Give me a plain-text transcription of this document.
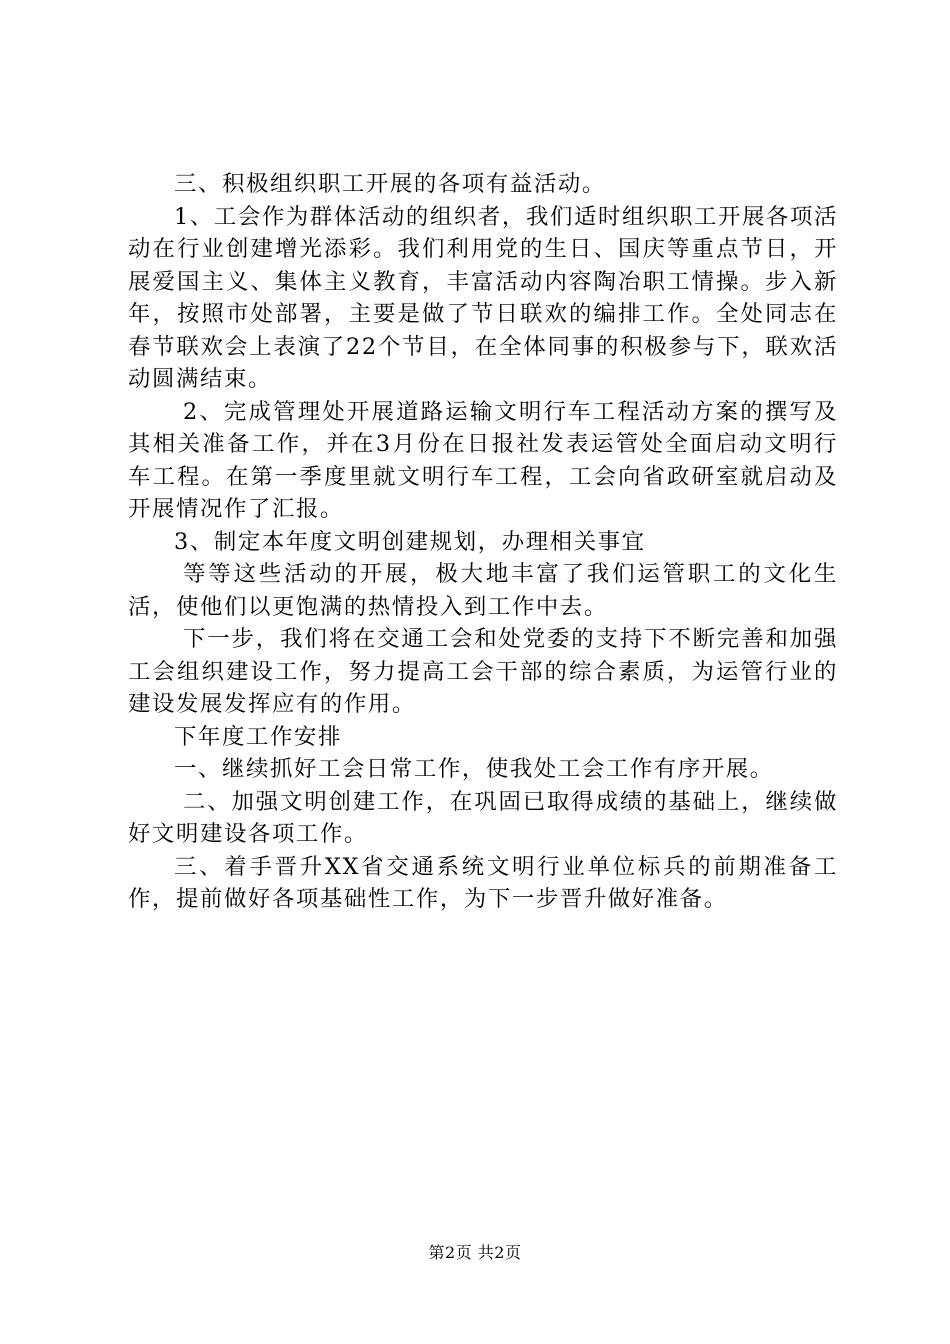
三、积极组织职工开展的各项有益活动。

1、工会作为群体活动的组织者，我们适时组织职工开展各项活动在行业创建增光添彩。我们利用党的生日、国庆等重点节日，开展爱国主义、集体主义教育，丰富活动内容陶冶职工情操。步入新年，按照市处部署，主要是做了节日联欢的编排工作。全处同志在春节联欢会上表演了22个节目，在全体同事的积极参与下，联欢活动圆满结束。

2、完成管理处开展道路运输文明行车工程活动方案的撰写及其相关准备工作，并在3月份在日报社发表运管处全面启动文明行车工程。在第一季度里就文明行车工程，工会向省政研室就启动及开展情况作了汇报。

3、制定本年度文明创建规划，办理相关事宜

等等这些活动的开展，极大地丰富了我们运管职工的文化生活，使他们以更饱满的热情投入到工作中去。

下一步，我们将在交通工会和处党委的支持下不断完善和加强工会组织建设工作，努力提高工会干部的综合素质，为运管行业的建设发展发挥应有的作用。

下年度工作安排

一、继续抓好工会日常工作，使我处工会工作有序开展。

二、加强文明创建工作，在巩固已取得成绩的基础上，继续做好文明建设各项工作。

三、着手晋升XX省交通系统文明行业单位标兵的前期准备工作，提前做好各项基础性工作，为下一步晋升做好准备。

第2页 共2页
